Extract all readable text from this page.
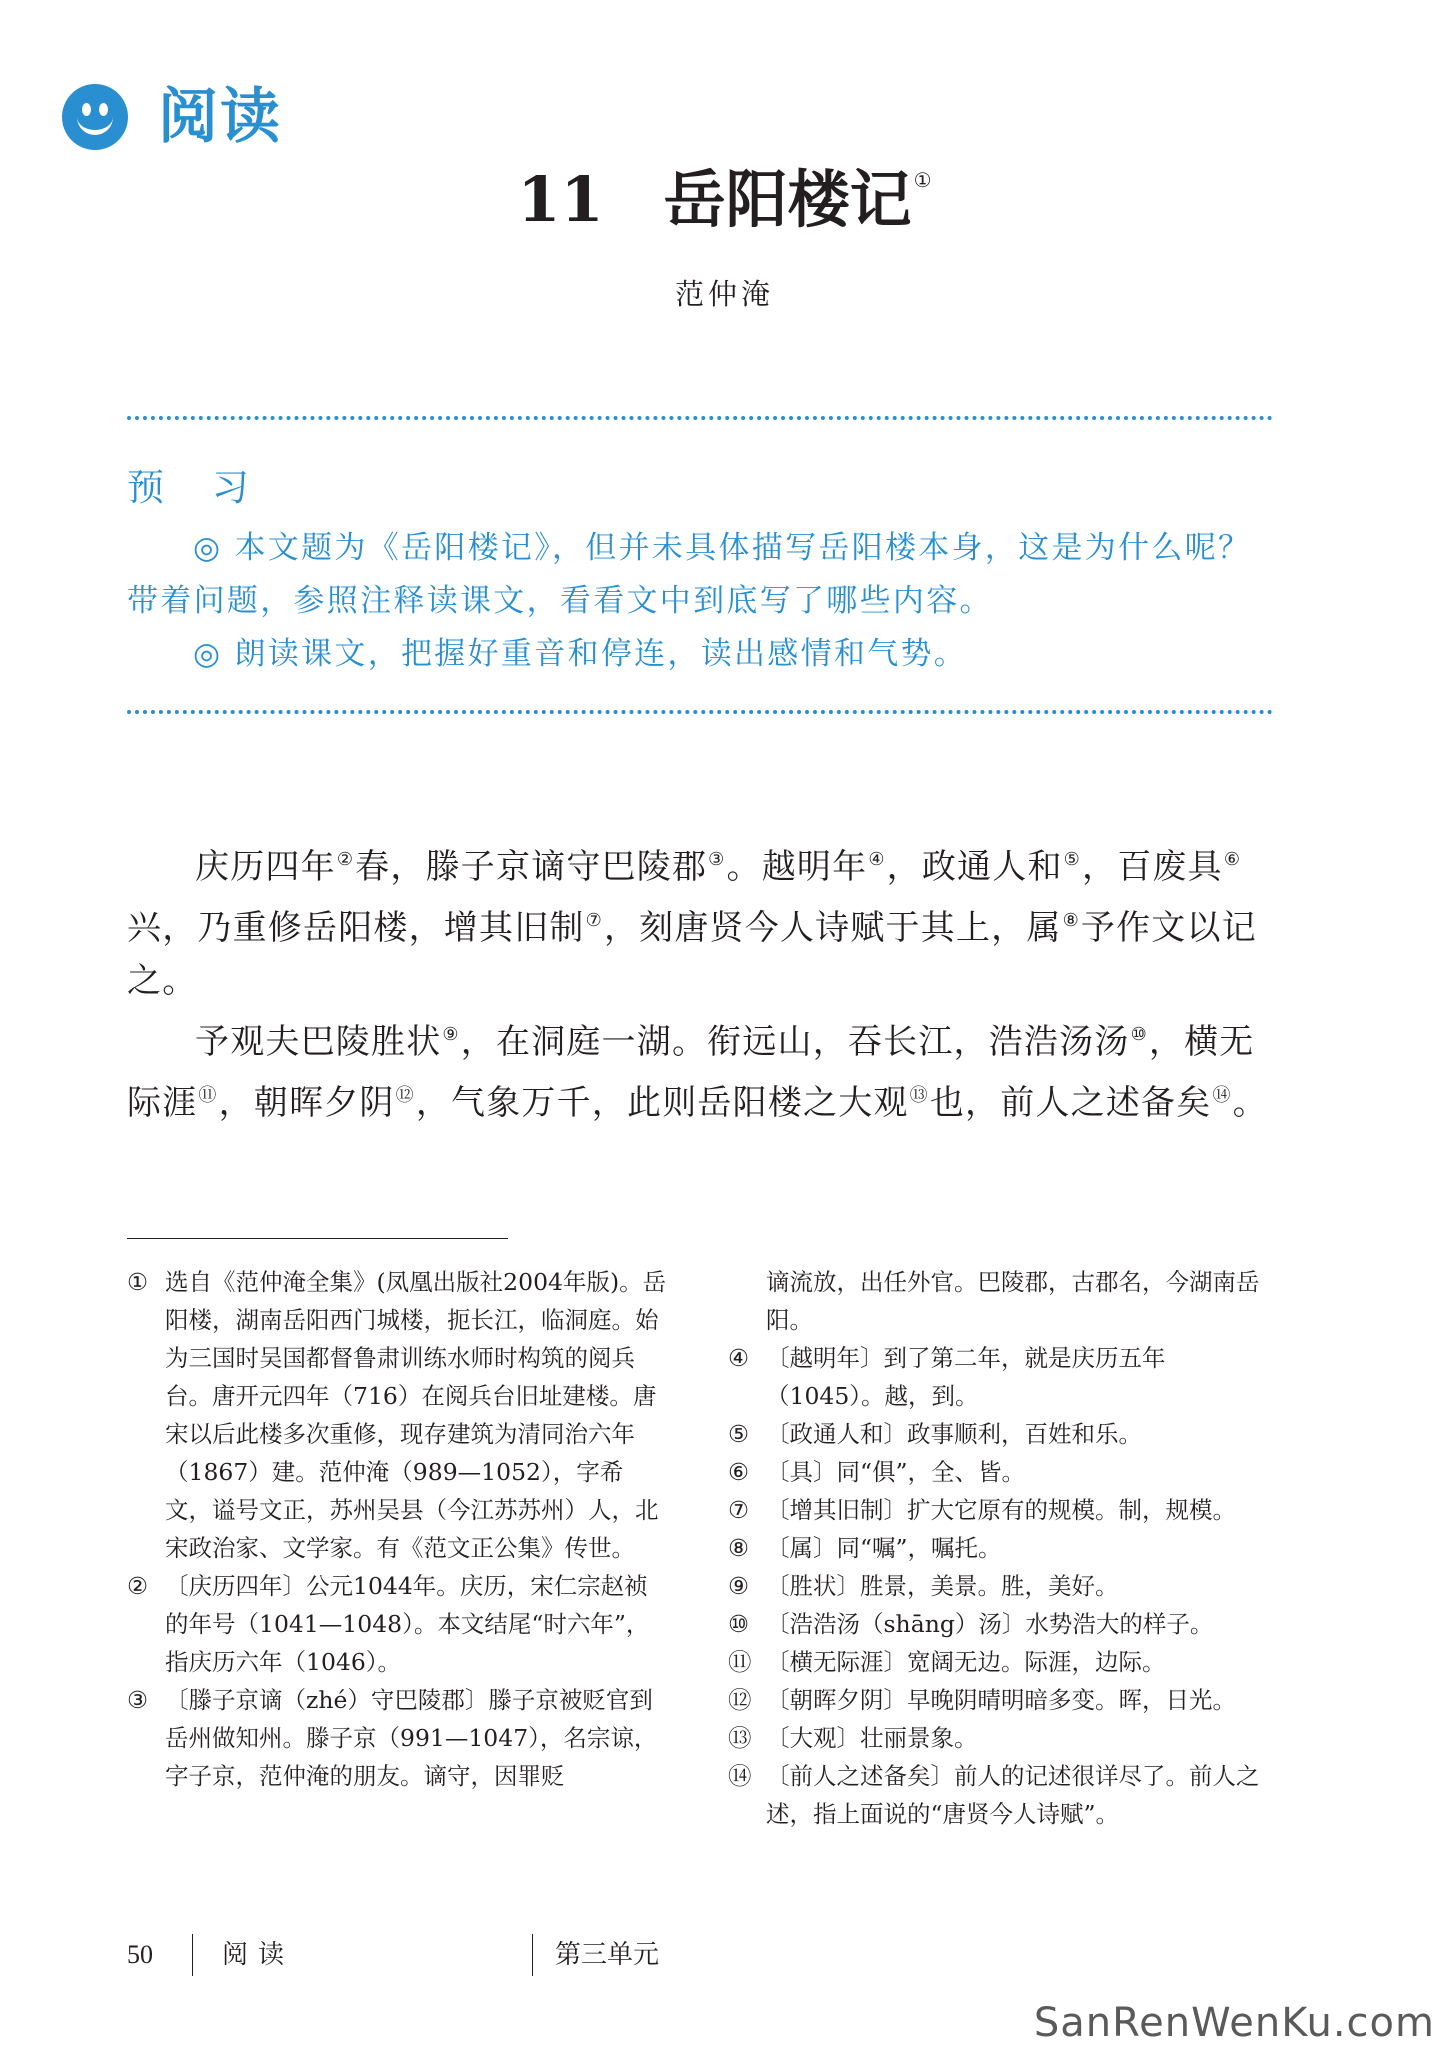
阅读
11 岳阳楼记 ①
范仲淹
预 习

◎ 本文题为《岳阳楼记》，但并未具体描写岳阳楼本身，这是为什么呢？带着问题，参照注释读课文，看看文中到底写了哪些内容。

◎ 朗读课文，把握好重音和停连，读出感情和气势。

庆历四年②春，滕子京谪守巴陵郡③。越明年④，政通人和⑤，百废具⑥兴，乃重修岳阳楼，增其旧制⑦，刻唐贤今人诗赋于其上，属⑧予作文以记之。

予观夫巴陵胜状⑨，在洞庭一湖。衔远山，吞长江，浩浩汤汤⑩，横无际涯⑪，朝晖夕阴⑫，气象万千，此则岳阳楼之大观⑬也，前人之述备矣⑭。

① 选自《范仲淹全集》(凤凰出版社2004年版)。岳阳楼，湖南岳阳西门城楼，扼长江，临洞庭。始为三国时吴国都督鲁肃训练水师时构筑的阅兵台。唐开元四年（716）在阅兵台旧址建楼。唐宋以后此楼多次重修，现存建筑为清同治六年（1867）建。范仲淹（989—1052），字希文，谥号文正，苏州吴县（今江苏苏州）人，北宋政治家、文学家。有《范文正公集》传世。
② 〔庆历四年〕公元1044年。庆历，宋仁宗赵祯的年号（1041—1048）。本文结尾“时六年”，指庆历六年（1046）。
③ 〔滕子京谪（zhé）守巴陵郡〕滕子京被贬官到岳州做知州。滕子京（991—1047），名宗谅，字子京，范仲淹的朋友。谪守，因罪贬
谪流放，出任外官。巴陵郡，古郡名，今湖南岳阳。
④ 〔越明年〕到了第二年，就是庆历五年（1045）。越，到。
⑤ 〔政通人和〕政事顺利，百姓和乐。
⑥ 〔具〕同“俱”，全、皆。
⑦ 〔增其旧制〕扩大它原有的规模。制，规模。
⑧ 〔属〕同“嘱”，嘱托。
⑨ 〔胜状〕胜景，美景。胜，美好。
⑩ 〔浩浩汤（shāng）汤〕水势浩大的样子。
⑪ 〔横无际涯〕宽阔无边。际涯，边际。
⑫ 〔朝晖夕阴〕早晚阴晴明暗多变。晖，日光。
⑬ 〔大观〕壮丽景象。
⑭ 〔前人之述备矣〕前人的记述很详尽了。前人之述，指上面说的“唐贤今人诗赋”。
50	阅读	第三单元
SanRenWenKu.com
